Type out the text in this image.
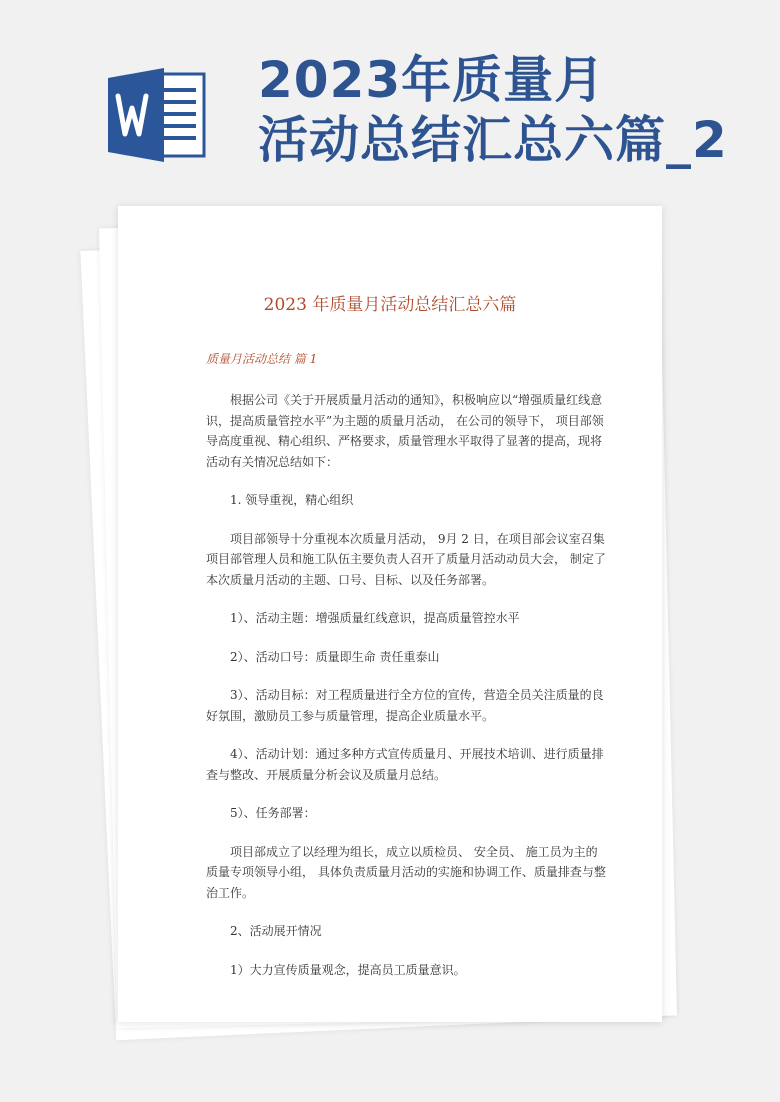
2023年质量月
活动总结汇总六篇_2
2023 年质量月活动总结汇总六篇
质量月活动总结 篇 1

根据公司《关于开展质量月活动的通知》，积极响应以“增强质量红线意识，提高质量管控水平”为主题的质量月活动， 在公司的领导下， 项目部领导高度重视、精心组织、严格要求，质量管理水平取得了显著的提高，现将活动有关情况总结如下：

1. 领导重视，精心组织

项目部领导十分重视本次质量月活动， 9月 2 日，在项目部会议室召集项目部管理人员和施工队伍主要负责人召开了质量月活动动员大会， 制定了本次质量月活动的主题、口号、目标、以及任务部署。

1）、活动主题：增强质量红线意识，提高质量管控水平

2）、活动口号：质量即生命 责任重泰山

3）、活动目标：对工程质量进行全方位的宣传，营造全员关注质量的良好氛围，激励员工参与质量管理，提高企业质量水平。

4）、活动计划：通过多种方式宣传质量月、开展技术培训、进行质量排查与整改、开展质量分析会议及质量月总结。

5）、任务部署：

项目部成立了以经理为组长，成立以质检员、 安全员、 施工员为主的质量专项领导小组， 具体负责质量月活动的实施和协调工作、质量排查与整治工作。

2、活动展开情况

1）大力宣传质量观念，提高员工质量意识。
